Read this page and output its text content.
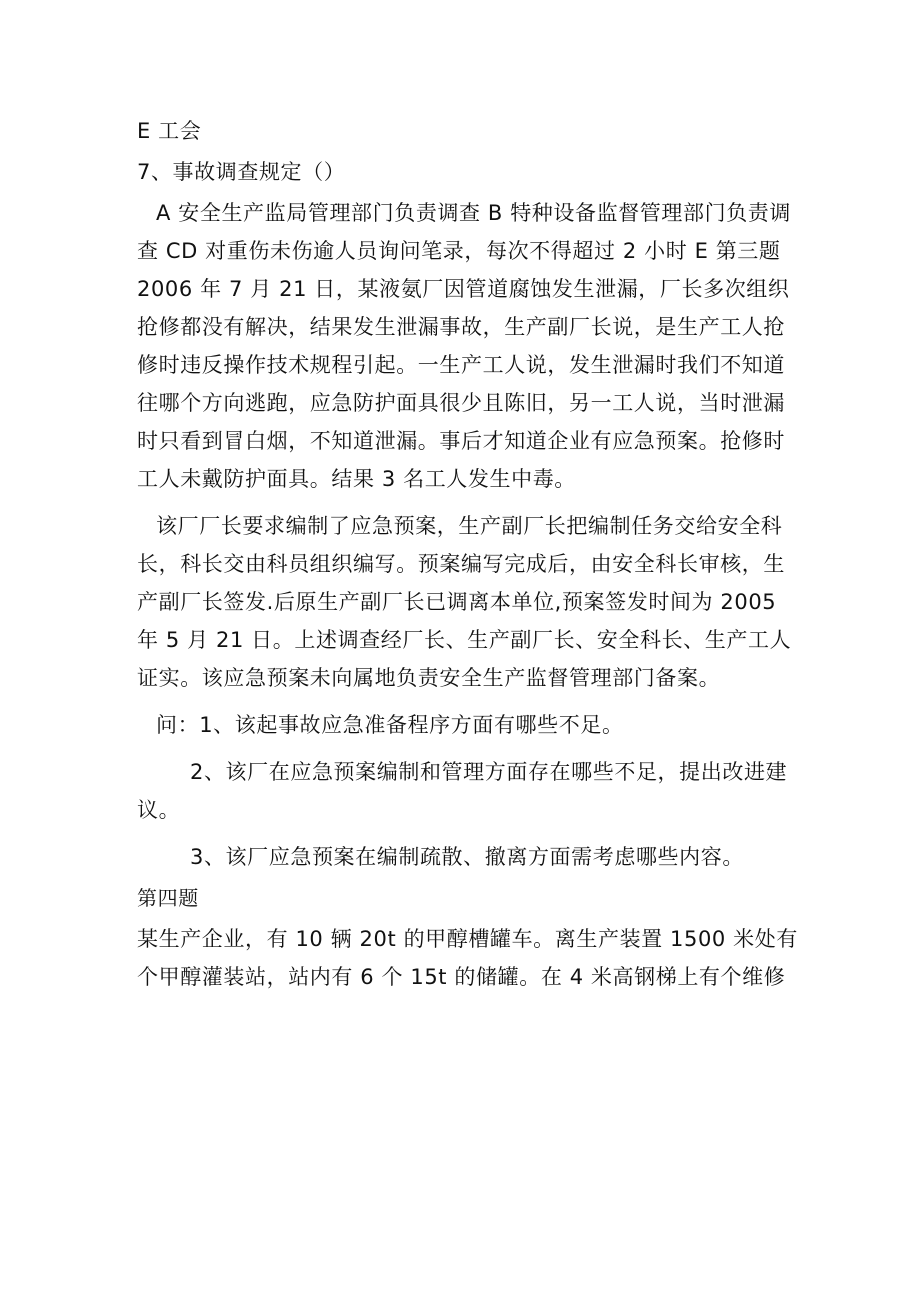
E 工会

7、事故调查规定（）

A 安全生产监局管理部门负责调查 B 特种设备监督管理部门负责调

查 CD 对重伤未伤逾人员询问笔录，每次不得超过 2 小时 E 第三题

2006 年 7 月 21 日，某液氨厂因管道腐蚀发生泄漏，厂长多次组织

抢修都没有解决，结果发生泄漏事故，生产副厂长说，是生产工人抢

修时违反操作技术规程引起。一生产工人说，发生泄漏时我们不知道

往哪个方向逃跑，应急防护面具很少且陈旧，另一工人说，当时泄漏

时只看到冒白烟，不知道泄漏。事后才知道企业有应急预案。抢修时

工人未戴防护面具。结果 3 名工人发生中毒。

该厂厂长要求编制了应急预案，生产副厂长把编制任务交给安全科

长，科长交由科员组织编写。预案编写完成后，由安全科长审核，生

产副厂长签发.后原生产副厂长已调离本单位,预案签发时间为 2005

年 5 月 21 日。上述调查经厂长、生产副厂长、安全科长、生产工人

证实。该应急预案未向属地负责安全生产监督管理部门备案。

问：1、该起事故应急准备程序方面有哪些不足。

2、该厂在应急预案编制和管理方面存在哪些不足，提出改进建

议。

3、该厂应急预案在编制疏散、撤离方面需考虑哪些内容。

第四题

某生产企业，有 10 辆 20t 的甲醇槽罐车。离生产装置 1500 米处有

个甲醇灌装站，站内有 6 个 15t 的储罐。在 4 米高钢梯上有个维修
